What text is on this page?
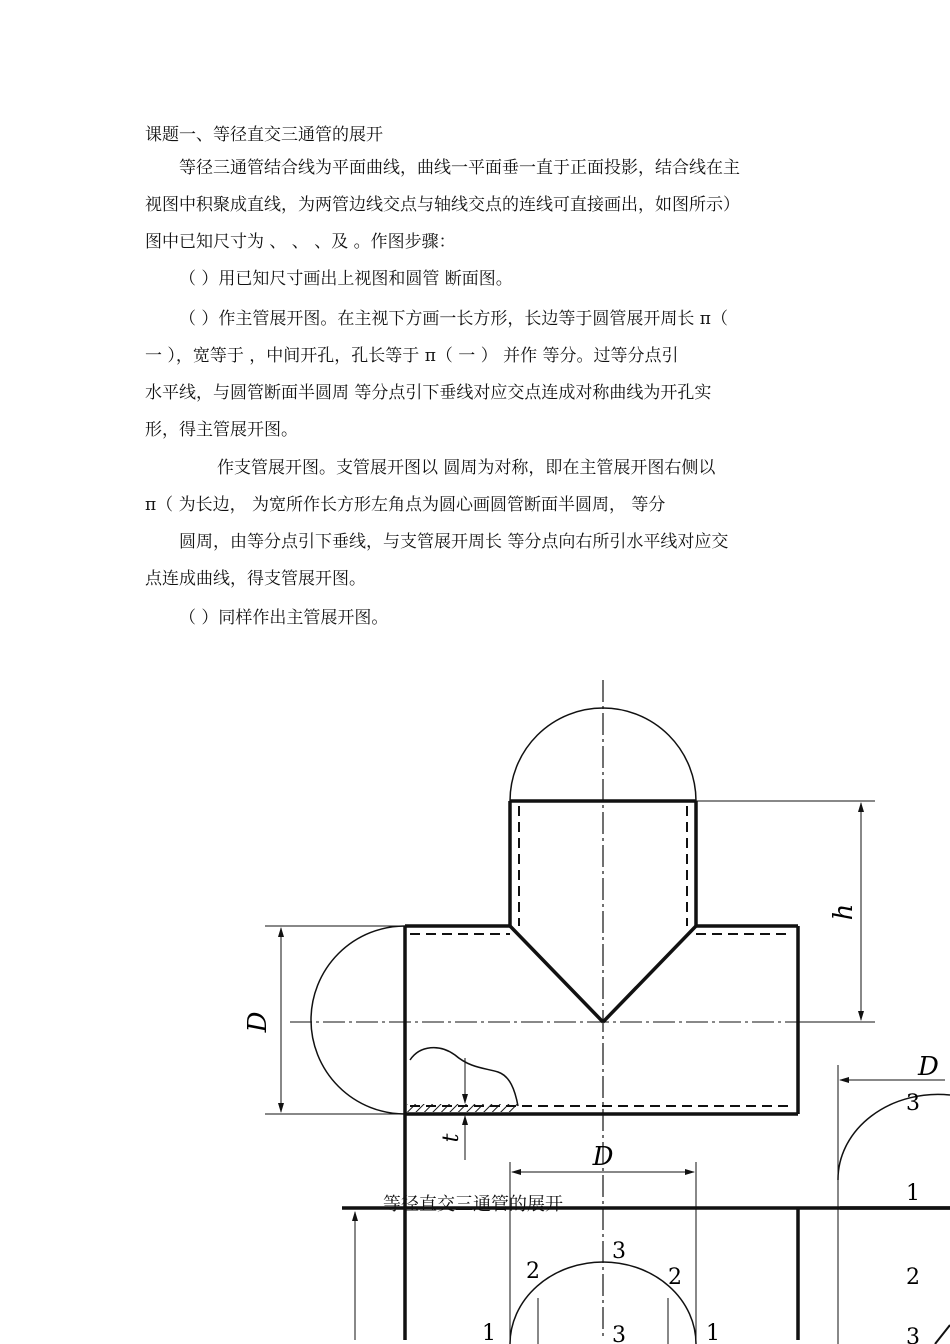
课题一、等径直交三通管的展开
等径三通管结合线为平面曲线，曲线一平面垂一直于正面投影，结合线在主
视图中积聚成直线，为两管边线交点与轴线交点的连线可直接画出，如图所示）
图中已知尺寸为 、 、 、及 。作图步骤：
（ ）用已知尺寸画出上视图和圆管 断面图。
（ ）作主管展开图。在主视下方画一长方形，长边等于圆管展开周长 π（
一 ），宽等于 ，中间开孔，孔长等于 π（ 一 ） 并作 等分。过等分点引
水平线，与圆管断面半圆周 等分点引下垂线对应交点连成对称曲线为开孔实
形，得主管展开图。
作支管展开图。支管展开图以 圆周为对称，即在主管展开图右侧以
π（ 为长边， 为宽所作长方形左角点为圆心画圆管断面半圆周， 等分
圆周，由等分点引下垂线，与支管展开周长 等分点向右所引水平线对应交
点连成曲线，得支管展开图。
（ ）同样作出主管展开图。
h
D
t
D
D
3
2	2
1	1
3
3
1
2
3
等径直交三通管的展开
